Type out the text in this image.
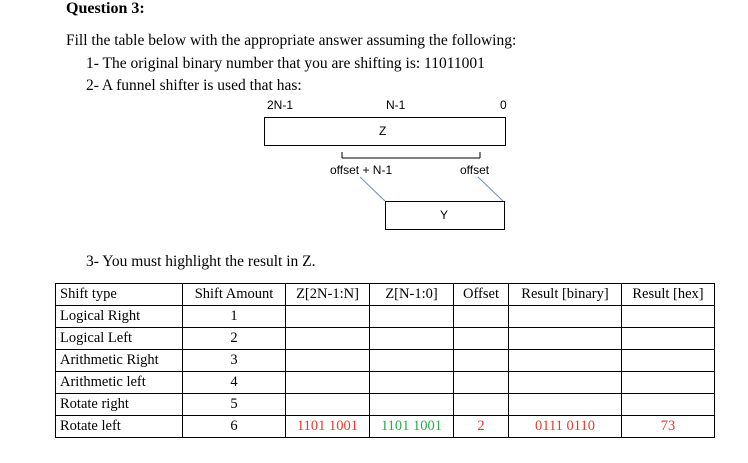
Question 3:
Fill the table below with the appropriate answer assuming the following:
1- The original binary number that you are shifting is: 11011001
2- A funnel shifter is used that has:
2N-1	N-1	0
Z
offset + N-1	offset
Y
3- You must highlight the result in Z.
Shift type	Shift Amount	Z[2N-1:N]	Z[N-1:0]	Offset	Result [binary]	Result [hex]
Logical Right	1					
Logical Left	2					
Arithmetic Right	3					
Arithmetic left	4					
Rotate right	5					
Rotate left	6	1101 1001	1101 1001	2	0111 0110	73
